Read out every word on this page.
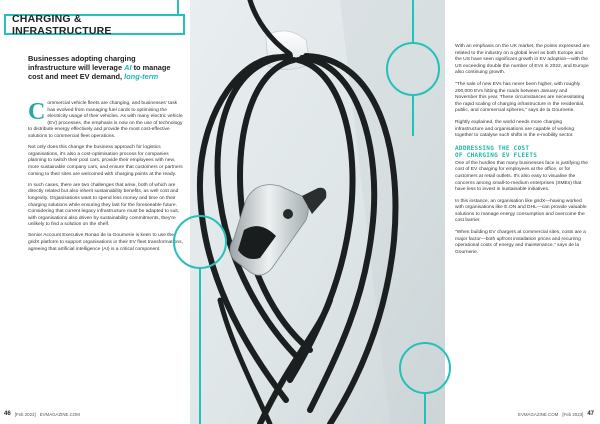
CHARGING & INFRASTRUCTURE
Businesses adopting charging infrastructure will leverage AI to manage cost and meet EV demand, long-term

Commercial vehicle fleets are changing, and businesses' task has evolved from managing fuel cards to optimising the electricity usage of their vehicles. As with many electric vehicle (EV) processes, the emphasis is now on the use of technology to distribute energy effectively and provide the most cost-effective solutions to commercial fleet operations.

Not only does this change the business approach for logistics organisations, it's also a cost-optimisation process for companies planning to switch their pool cars, provide their employees with new, more sustainable company cars, and ensure that customers or partners coming to their sites are welcomed with charging points at the ready.

In such cases, there are two challenges that arise, both of which are directly related but also inherit sustainability benefits, as well cost and longevity. Organisations want to spend less money and time on their charging solutions while ensuring they last for the foreseeable future. Considering that current legacy infrastructure must be adapted to suit, with organisations also driven by sustainability commitments, they're unlikely to find a solution on the shelf.

Senior Account Executive Ronan de la Gournerie is keen to use the gridX platform to support organisations in their EV fleet transformations, agreeing that artificial intelligence (AI) is a critical component.

46 [Feb 2023] EVMAGAZINE.COM

With an emphasis on the UK market, the points expressed are related to the industry on a global level as both Europe and the US have seen significant growth in EV adoption—with the US exceeding double the number of EVs in 2022, and Europe also continuing growth.

"The sale of new EVs has never been higher, with roughly 200,000 EVs hitting the roads between January and November this year. These circumstances are necessitating the rapid scaling of charging infrastructure in the residential, public, and commercial spheres," says de la Gournerie.

Rightly explained, the world needs more charging infrastructure and organisations are capable of working together to catalyse such shifts in the e-mobility sector.

ADDRESSING THE COST
OF CHARGING EV FLEETS

One of the hurdles that many businesses face is justifying the cost of EV charging for employees at the office, or for customers at retail outlets. It's also easy to visualise the concerns among small-to-medium enterprises (SMEs) that have less to invest in sustainable initiatives.

In this instance, an organisation like gridX—having worked with organisations like E.ON and DHL—can provide valuable solutions to manage energy consumption and overcome the cost barrier.

"When building EV chargers at commercial sites, costs are a major factor—both upfront installation prices and recurring operational costs of energy and maintenance," says de la Gournerie.

EVMAGAZINE.COM [Feb 2023] 47
